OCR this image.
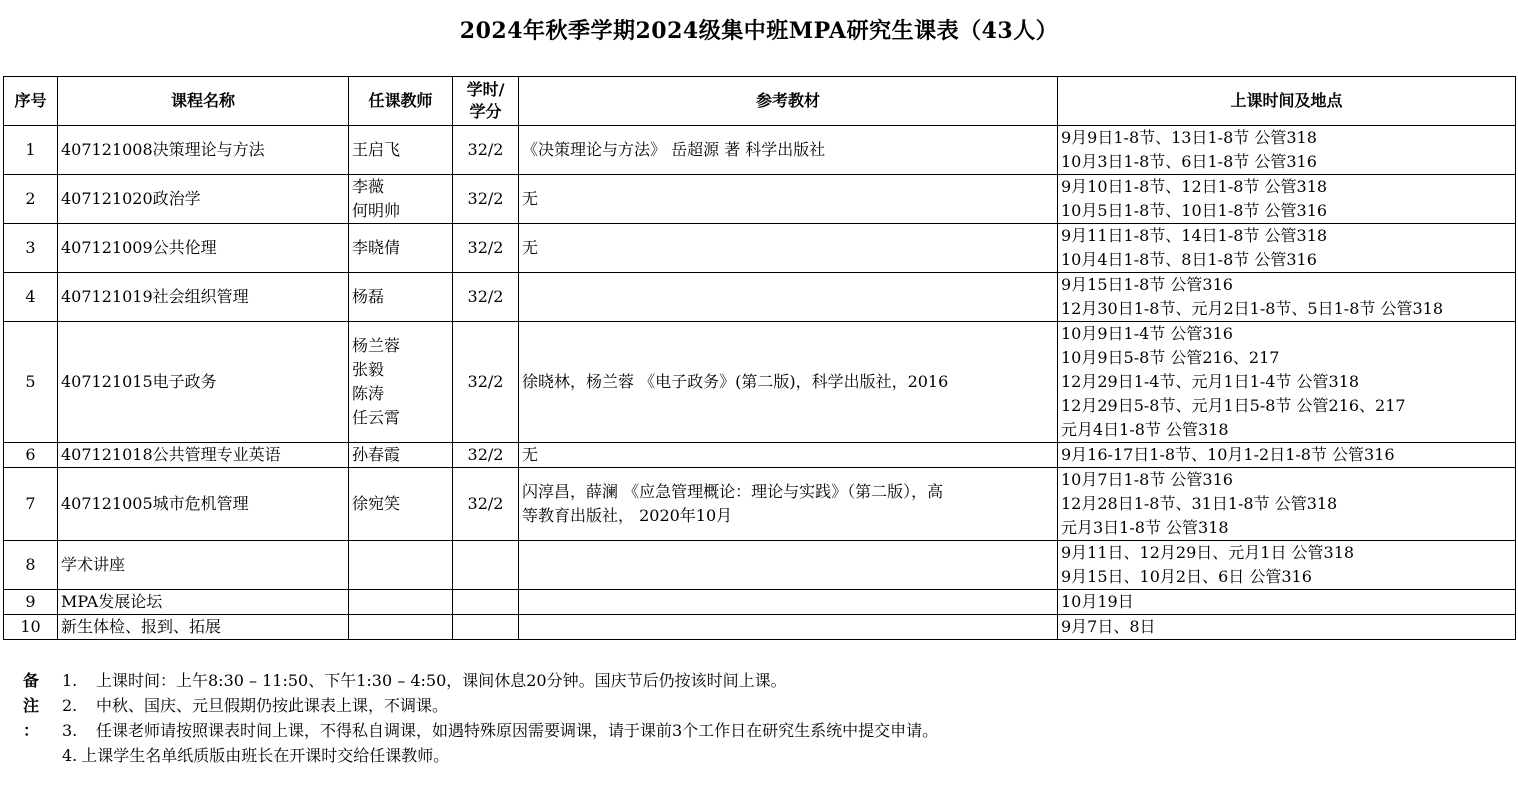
2024年秋季学期2024级集中班MPA研究生课表（43人）
序号	课程名称	任课教师	学时/
学分	参考教材	上课时间及地点
1	407121008决策理论与方法	王启飞	32/2	《决策理论与方法》 岳超源 著 科学出版社	9月9日1-8节、13日1-8节 公管318
10月3日1-8节、6日1-8节 公管316

2	407121020政治学	李薇
何明帅	32/2	无	9月10日1-8节、12日1-8节 公管318
10月5日1-8节、10日1-8节 公管316

3	407121009公共伦理	李晓倩	32/2	无	9月11日1-8节、14日1-8节 公管318
10月4日1-8节、8日1-8节 公管316

4	407121019社会组织管理	杨磊	32/2		9月15日1-8节 公管316
12月30日1-8节、元月2日1-8节、5日1-8节 公管318

5	407121015电子政务	杨兰蓉
张毅
陈涛
任云霄	32/2	徐晓林，杨兰蓉 《电子政务》(第二版)，科学出版社，2016	10月9日1-4节 公管316
10月9日5-8节 公管216、217
12月29日1-4节、元月1日1-4节 公管318
12月29日5-8节、元月1日5-8节 公管216、217
元月4日1-8节 公管318

6	407121018公共管理专业英语	孙春霞	32/2	无	9月16-17日1-8节、10月1-2日1-8节 公管316

7	407121005城市危机管理	徐宛笑	32/2	闪淳昌，薛澜 《应急管理概论：理论与实践》（第二版），高
等教育出版社， 2020年10月	10月7日1-8节 公管316
12月28日1-8节、31日1-8节 公管318
元月3日1-8节 公管318

8	学术讲座				9月11日、12月29日、元月1日 公管318
9月15日、10月2日、6日 公管316

9	MPA发展论坛				10月19日

10	新生体检、报到、拓展				9月7日、8日
备
注
：
1. 上课时间：上午8:30 – 11:50、下午1:30 – 4:50，课间休息20分钟。国庆节后仍按该时间上课。
2. 中秋、国庆、元旦假期仍按此课表上课，不调课。
3. 任课老师请按照课表时间上课，不得私自调课，如遇特殊原因需要调课，请于课前3个工作日在研究生系统中提交申请。
4. 上课学生名单纸质版由班长在开课时交给任课教师。
